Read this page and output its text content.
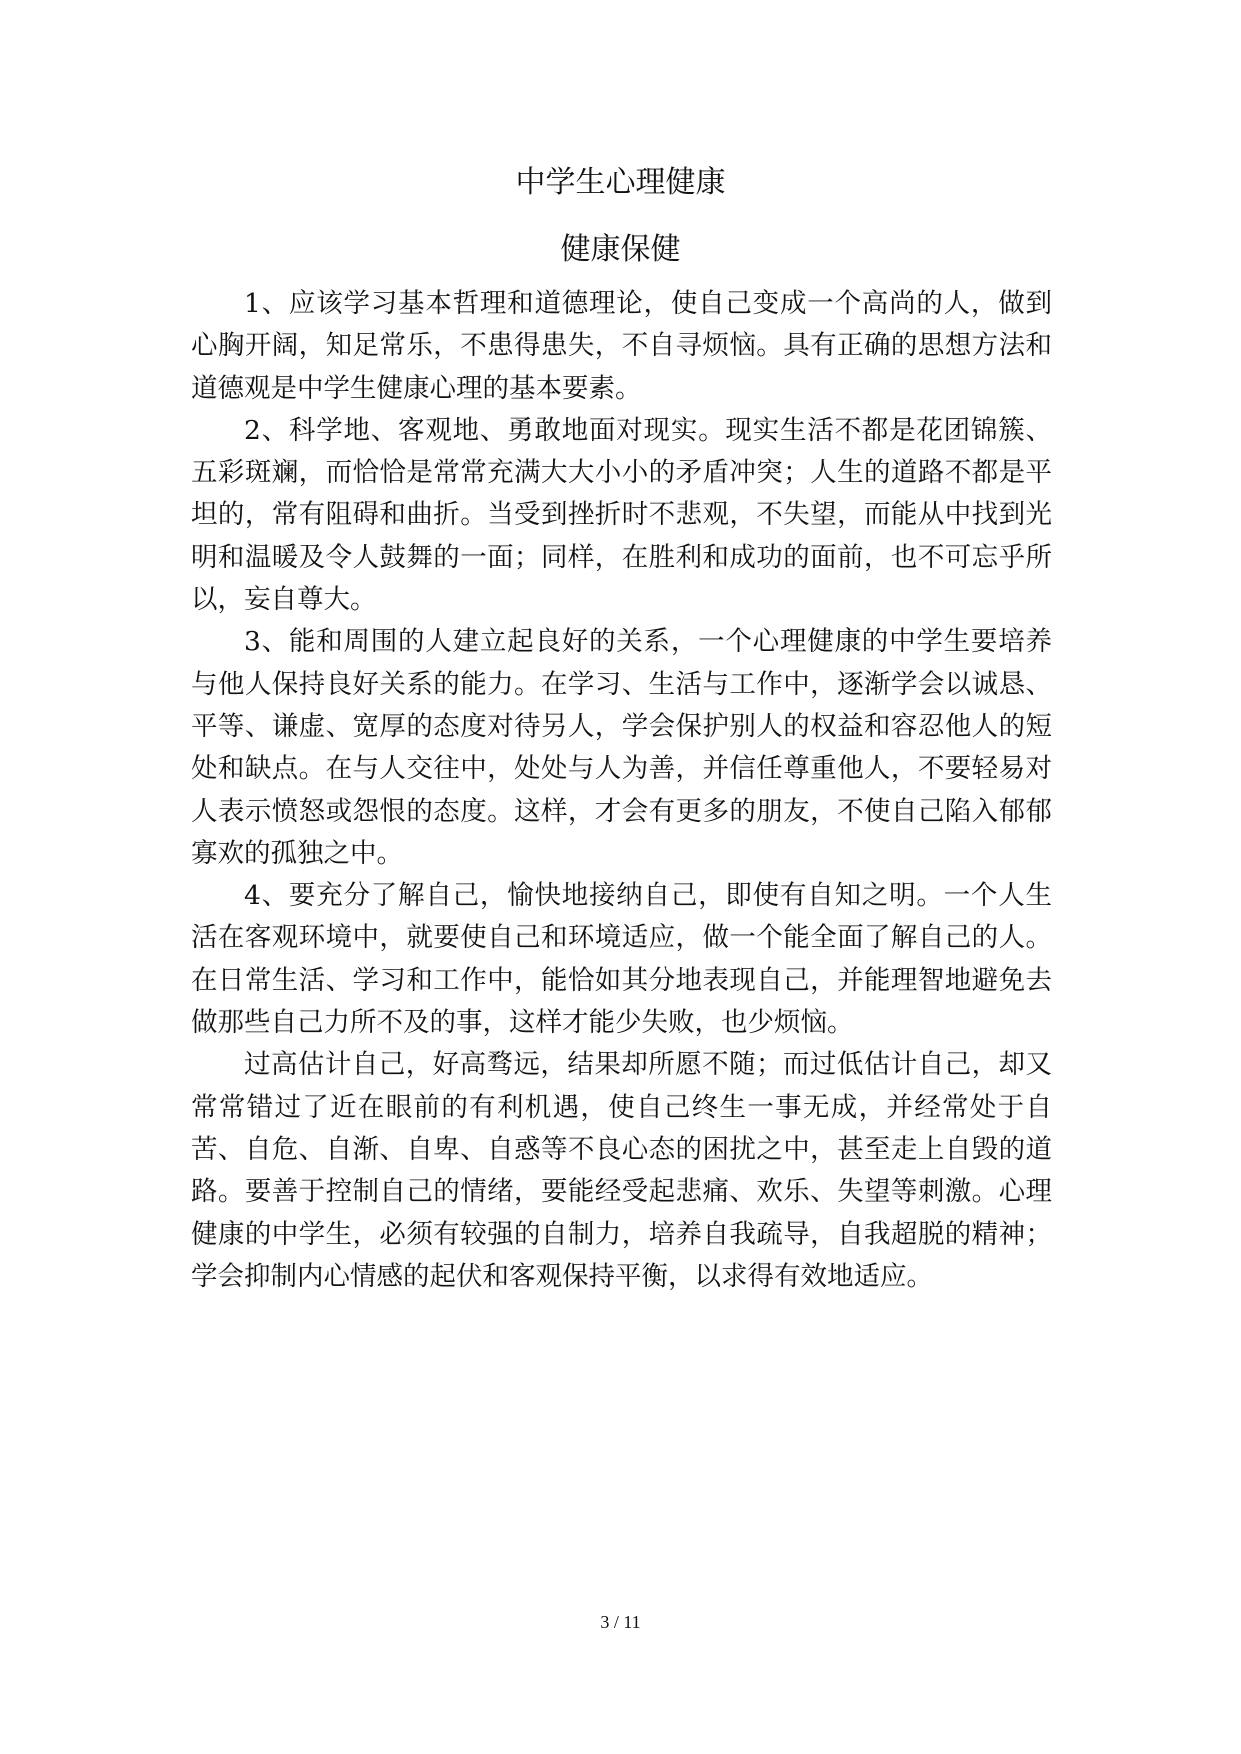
中学生心理健康
健康保健

1、应该学习基本哲理和道德理论，使自己变成一个高尚的人，做到心胸开阔，知足常乐，不患得患失，不自寻烦恼。具有正确的思想方法和道德观是中学生健康心理的基本要素。

2、科学地、客观地、勇敢地面对现实。现实生活不都是花团锦簇、五彩斑斓，而恰恰是常常充满大大小小的矛盾冲突；人生的道路不都是平坦的，常有阻碍和曲折。当受到挫折时不悲观，不失望，而能从中找到光明和温暖及令人鼓舞的一面；同样，在胜利和成功的面前，也不可忘乎所以，妄自尊大。

3、能和周围的人建立起良好的关系，一个心理健康的中学生要培养与他人保持良好关系的能力。在学习、生活与工作中，逐渐学会以诚恳、平等、谦虚、宽厚的态度对待另人，学会保护别人的权益和容忍他人的短处和缺点。在与人交往中，处处与人为善，并信任尊重他人，不要轻易对人表示愤怒或怨恨的态度。这样，才会有更多的朋友，不使自己陷入郁郁寡欢的孤独之中。

4、要充分了解自己，愉快地接纳自己，即使有自知之明。一个人生活在客观环境中，就要使自己和环境适应，做一个能全面了解自己的人。在日常生活、学习和工作中，能恰如其分地表现自己，并能理智地避免去做那些自己力所不及的事，这样才能少失败，也少烦恼。

过高估计自己，好高骛远，结果却所愿不随；而过低估计自己，却又常常错过了近在眼前的有利机遇，使自己终生一事无成，并经常处于自苦、自危、自渐、自卑、自惑等不良心态的困扰之中，甚至走上自毁的道路。要善于控制自己的情绪，要能经受起悲痛、欢乐、失望等刺激。心理健康的中学生，必须有较强的自制力，培养自我疏导，自我超脱的精神；学会抑制内心情感的起伏和客观保持平衡，以求得有效地适应。

3 / 11
